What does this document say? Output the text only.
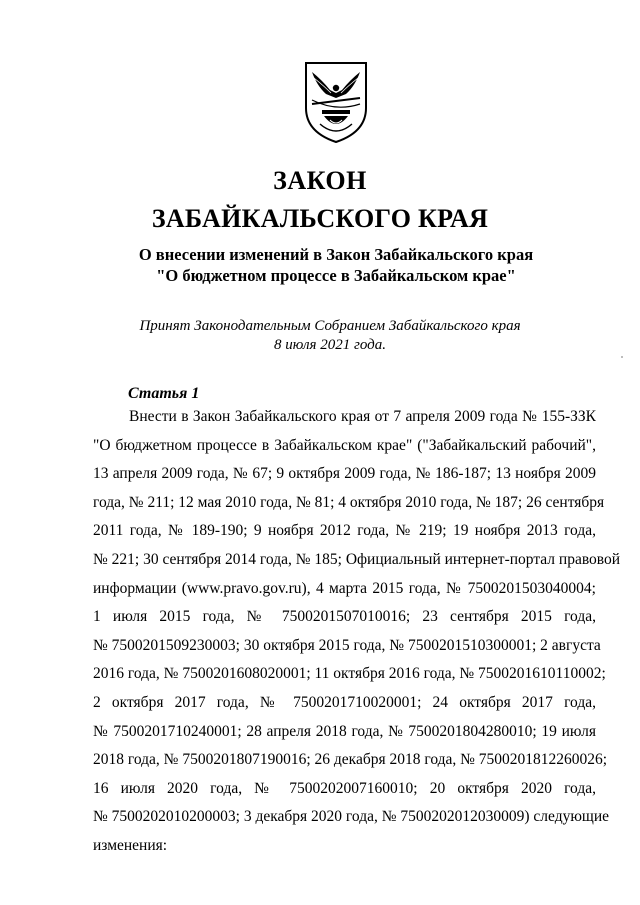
ЗАКОН
ЗАБАЙКАЛЬСКОГО КРАЯ
О внесении изменений в Закон Забайкальского края
"О бюджетном процессе в Забайкальском крае"
Принят Законодательным Собранием Забайкальского края
8 июля 2021 года.
Статья 1
Внести в Закон Забайкальского края от 7 апреля 2009 года № 155-ЗЗК
"О бюджетном процессе в Забайкальском крае" ("Забайкальский рабочий",
13 апреля 2009 года, № 67; 9 октября 2009 года, № 186-187; 13 ноября 2009
года, № 211; 12 мая 2010 года, № 81; 4 октября 2010 года, № 187; 26 сентября
2011 года, № 189-190; 9 ноября 2012 года, № 219; 19 ноября 2013 года,
№ 221; 30 сентября 2014 года, № 185; Официальный интернет-портал правовой
информации (www.pravo.gov.ru), 4 марта 2015 года, № 7500201503040004;
1 июля 2015 года, № 7500201507010016; 23 сентября 2015 года,
№ 7500201509230003; 30 октября 2015 года, № 7500201510300001; 2 августа
2016 года, № 7500201608020001; 11 октября 2016 года, № 7500201610110002;
2 октября 2017 года, № 7500201710020001; 24 октября 2017 года,
№ 7500201710240001; 28 апреля 2018 года, № 7500201804280010; 19 июля
2018 года, № 7500201807190016; 26 декабря 2018 года, № 7500201812260026;
16 июля 2020 года, № 7500202007160010; 20 октября 2020 года,
№ 7500202010200003; 3 декабря 2020 года, № 7500202012030009) следующие
изменения:
